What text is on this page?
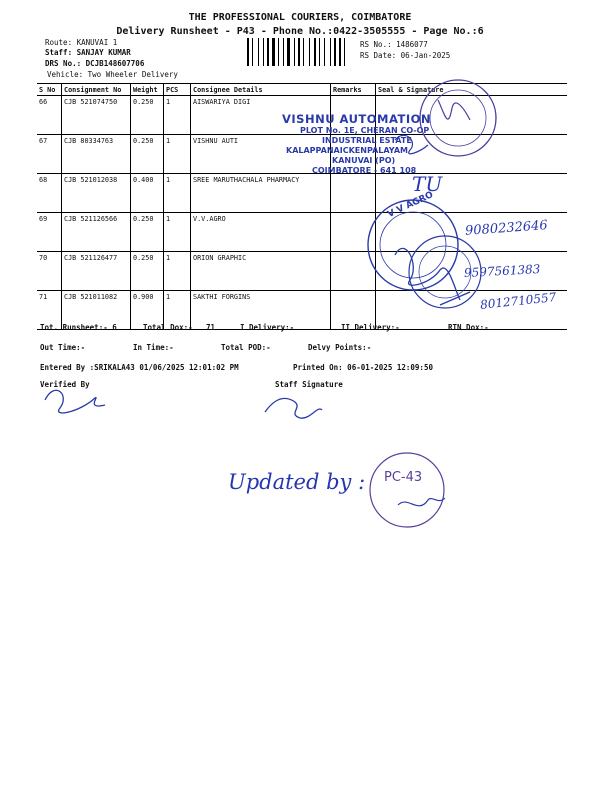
THE PROFESSIONAL COURIERS, COIMBATORE
Delivery Runsheet - P43 - Phone No.:0422-3505555 - Page No.:6
Route: KANUVAI 1
Staff: SANJAY KUMAR
DRS No.: DCJB148607706
Vehicle: Two Wheeler Delivery
RS No.: 1486077
RS Date: 06-Jan-2025
S No	Consignment No	Weight	PCS	Consignee Details	Remarks	Seal & Signature
66	CJB 521074750	0.250	1	AISWARIYA DIGI		
67	CJB 80334763	0.250	1	VISHNU AUTI		
68	CJB 521012038	0.400	1	SREE MARUTHACHALA PHARMACY		
69	CJB 521126566	0.250	1	V.V.AGRO		
70	CJB 521126477	0.250	1	ORION GRAPHIC		
71	CJB 521011082	0.900	1	SAKTHI FORGINS		
Tot. Runsheet:- 6	Total Dox:- 71	I Delivery:-	II Delivery:-	RTN Dox:-
Out Time:-	In Time:-	Total POD:-	Delvy Points:-
Entered By :SRIKALA43 01/06/2025 12:01:02 PM	Printed On: 06-01-2025 12:09:50
Verified By	Staff Signature
VISHNU AUTOMATION
PLOT No. 1E, CHERAN CO-OP
INDUSTRIAL ESTATE
KALAPPANAICKENPALAYAM
KANUVAI (PO)
COIMBATORE - 641 108
TU
9080232646
9597561383
8012710557
Updated by : PC-43
V V AGRO
